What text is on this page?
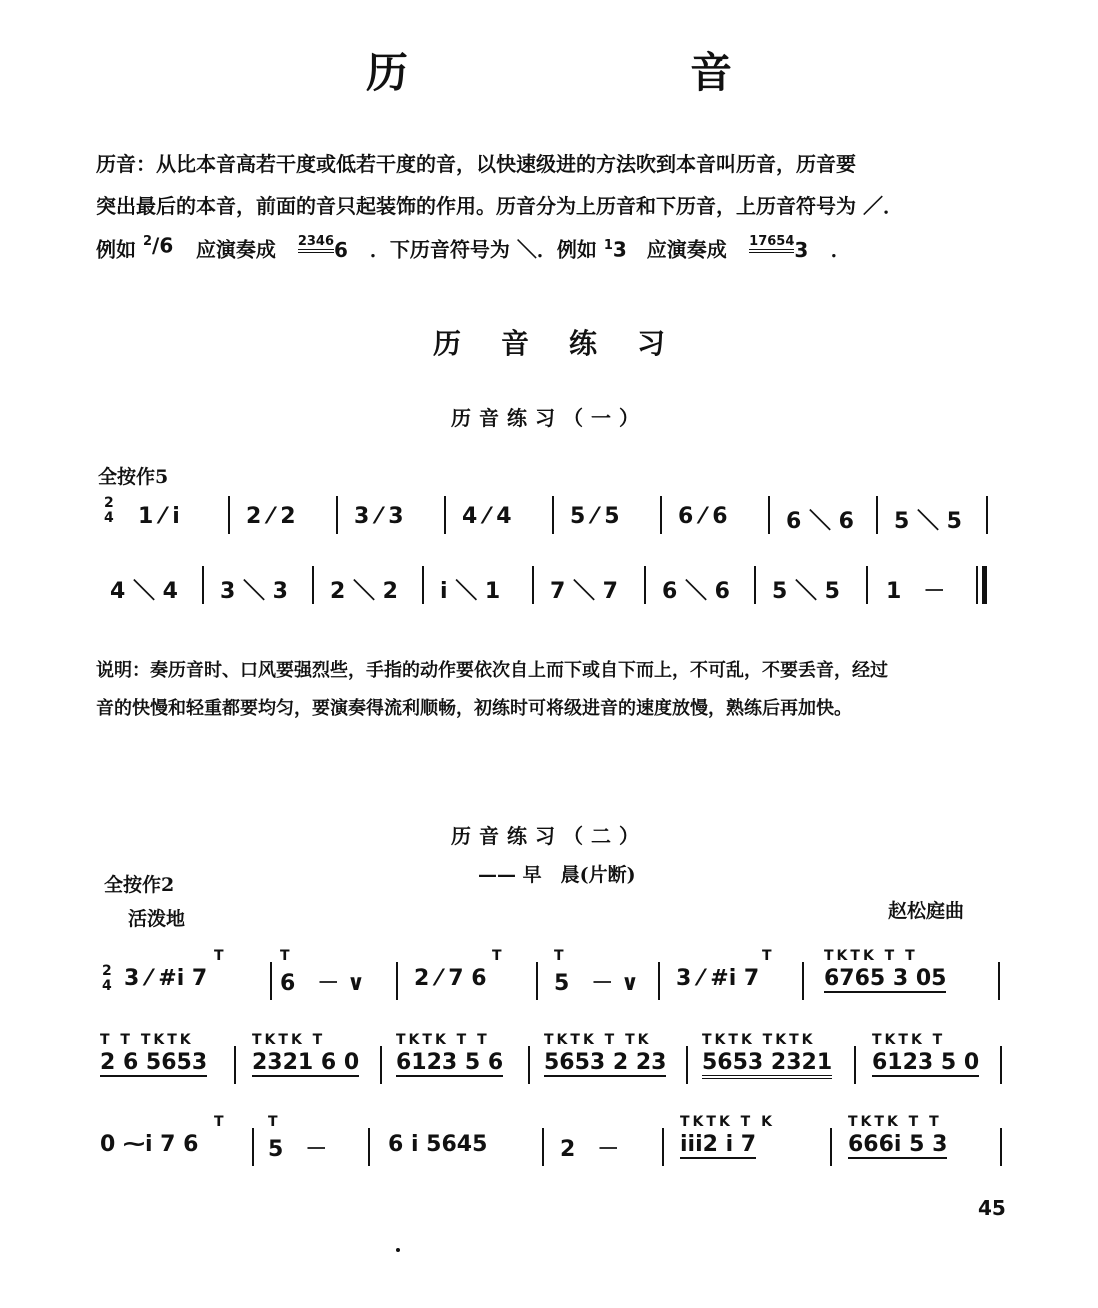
历　音
历音：从比本音高若干度或低若干度的音，以快速级进的方法吹到本音叫历音，历音要
突出最后的本音，前面的音只起装饰的作用。历音分为上历音和下历音，上历音符号为 ／．
例如 $^2$/6 应演奏成 $^{2346}$6 ．下历音符号为 ＼．例如 $^1$3 应演奏成 $^{17654}$3 ．
历音练习
历音练习（一）
全按作5
2
4 1 ⁄ i	2 ⁄ 2	3 ⁄ 3	4 ⁄ 4	5 ⁄ 5	6 ⁄ 6	6 ＼ 6 5 ＼ 5
4 ＼ 4 3 ＼ 3 2 ＼ 2 i ＼ 1 7 ＼ 7 6 ＼ 6 5 ＼ 5 1　－
说明：奏历音时、口风要强烈些，手指的动作要依次自上而下或自下而上，不可乱，不要丢音，经过
音的快慢和轻重都要均匀，要演奏得流利顺畅，初练时可将级进音的速度放慢，熟练后再加快。
历音练习（二）
—— 早　晨(片断)
全按作2
活泼地	赵松庭曲
2
4
T
3 ⁄ #i 7
T
6　－ ∨
T
2 ⁄ 7 6
T
5　－ ∨
T
3 ⁄ #i 7
TKTK T T
6765 3 05
T T TKTK
2 6 5653
TKTK T
2321 6 0
TKTK T T
6123 5 6
TKTK T TK
5653 2 23
TKTK TKTK
5653 2321
TKTK T
6123 5 0
T
0 ⁓i 7 6
T
5　－	6 i 5645	2　－
TKTK T K
iii2 i 7
TKTK T T
666i 5 3
45
